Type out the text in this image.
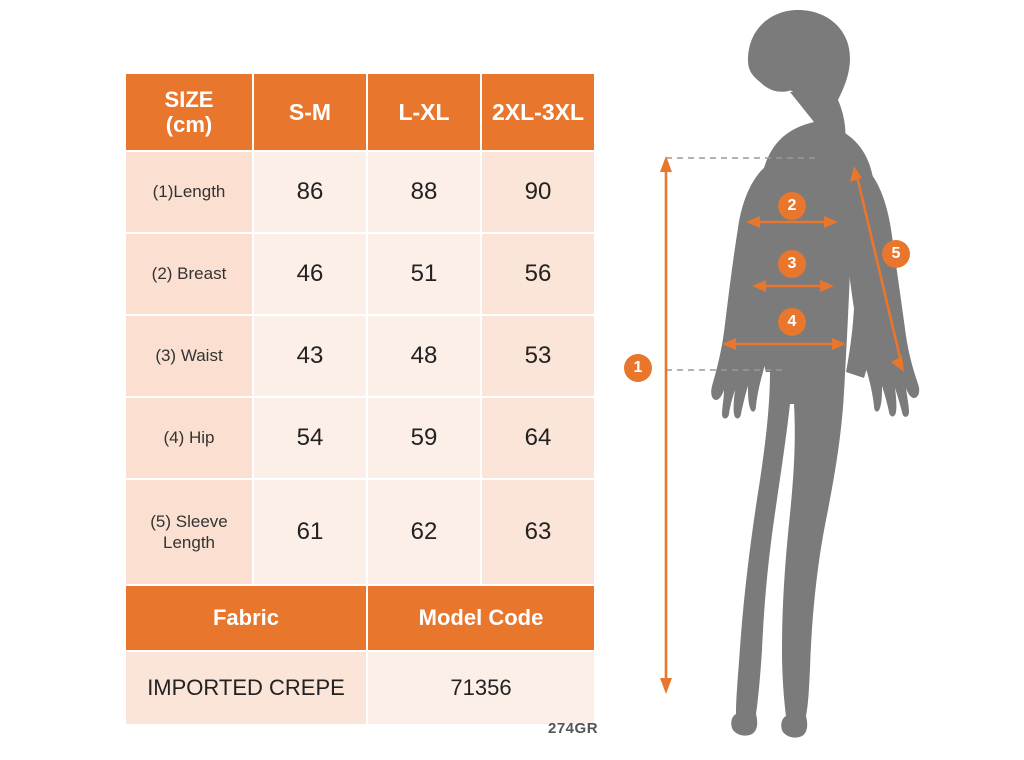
SIZE
(cm)	S-M	L-XL	2XL-3XL
(1)Length	86	88	90
(2) Breast	46	51	56
(3) Waist	43	48	53
(4) Hip	54	59	64
(5) Sleeve Length	61	62	63
Fabric		Model Code	
IMPORTED CREPE		71356	
274GR
1
2
3
4
5
